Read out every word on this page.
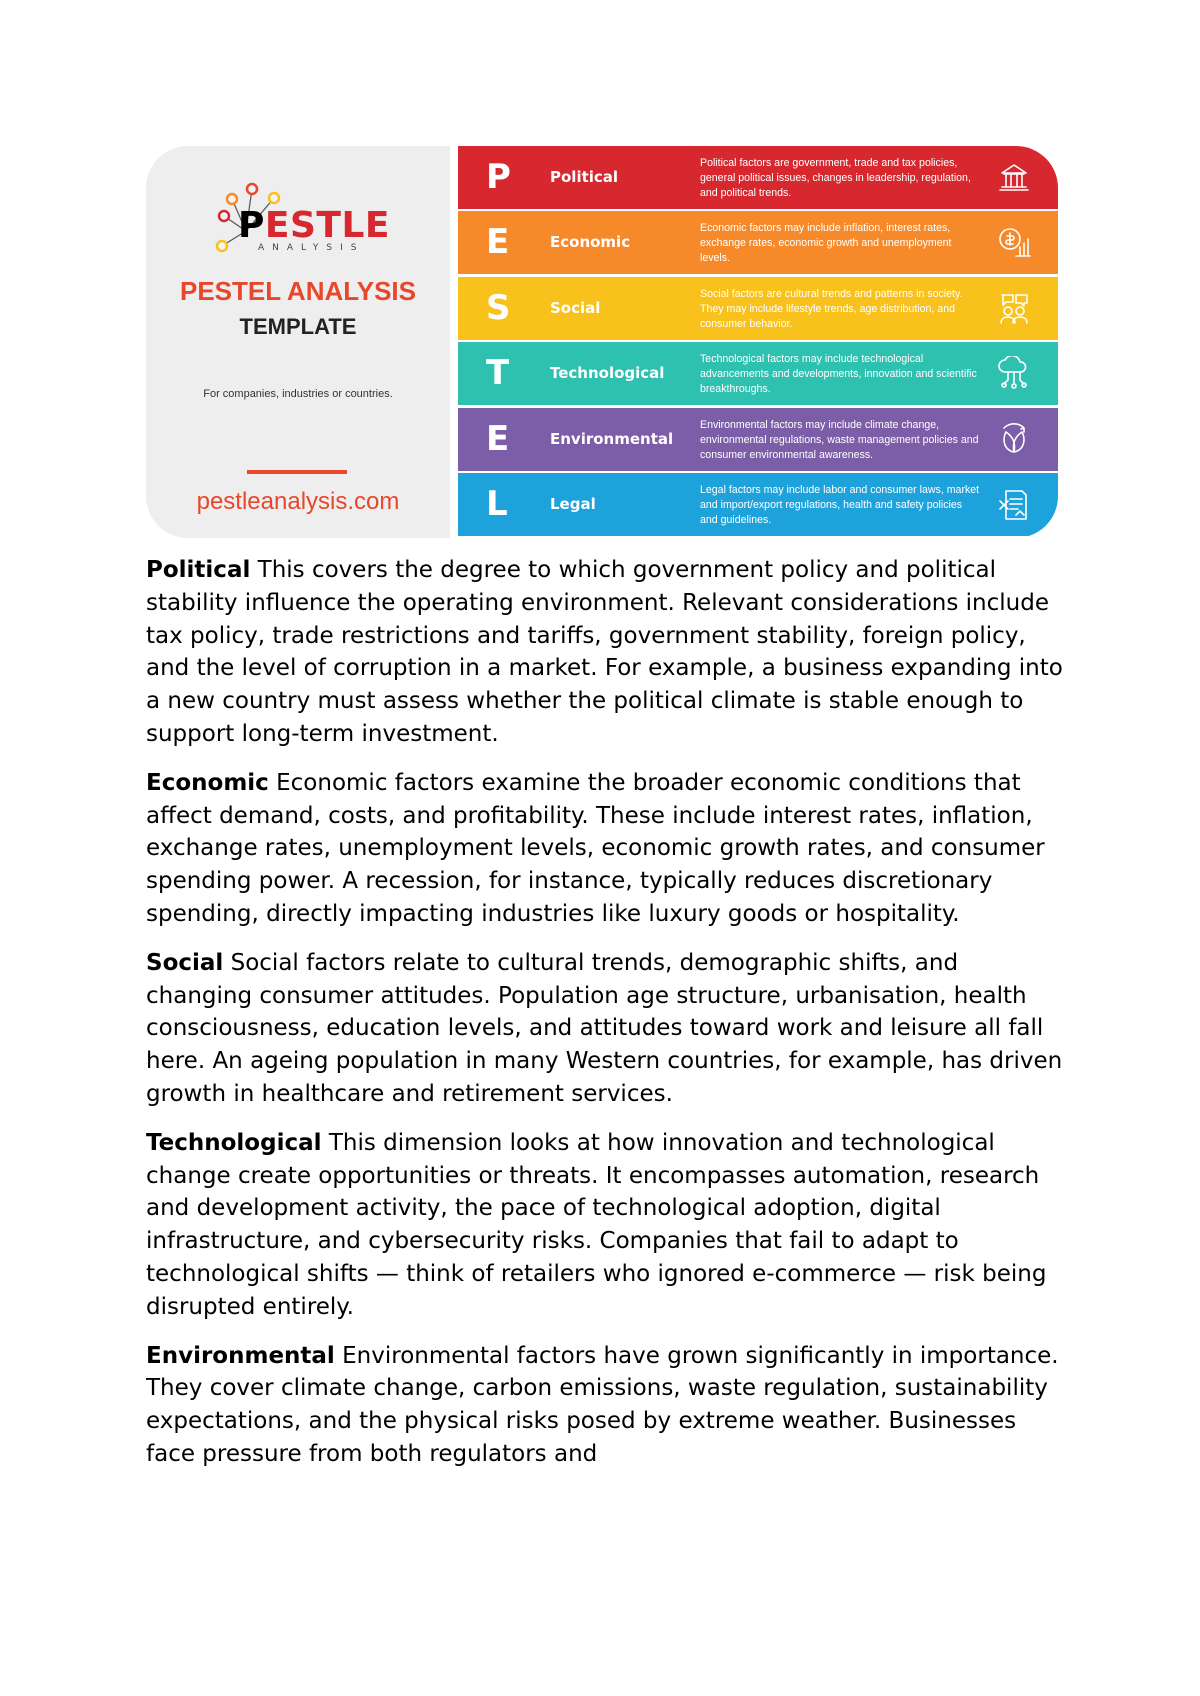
PESTLE
ANALYSIS
PESTEL ANALYSIS
TEMPLATE
For companies, industries or countries.
pestleanalysis.com
P	Political
Political factors are government, trade and tax policies, general political issues, changes in leadership, regulation, and political trends.
E	Economic
Economic factors may include inflation, interest rates, exchange rates, economic growth and unemployment levels.
S	Social
Social factors are cultural trends and patterns in society. They may include lifestyle trends, age distribution, and consumer behavior.
T	Technological
Technological factors may include technological advancements and developments, innovation and scientific breakthroughs.
E	Environmental
Environmental factors may include climate change, environmental regulations, waste management policies and consumer environmental awareness.
L	Legal
Legal factors may include labor and consumer laws, market and import/export regulations, health and safety policies and guidelines.

Political This covers the degree to which government policy and political stability influence the operating environment. Relevant considerations include tax policy, trade restrictions and tariffs, government stability, foreign policy, and the level of corruption in a market. For example, a business expanding into a new country must assess whether the political climate is stable enough to support long-term investment.

Economic Economic factors examine the broader economic conditions that affect demand, costs, and profitability. These include interest rates, inflation, exchange rates, unemployment levels, economic growth rates, and consumer spending power. A recession, for instance, typically reduces discretionary spending, directly impacting industries like luxury goods or hospitality.

Social Social factors relate to cultural trends, demographic shifts, and changing consumer attitudes. Population age structure, urbanisation, health consciousness, education levels, and attitudes toward work and leisure all fall here. An ageing population in many Western countries, for example, has driven growth in healthcare and retirement services.

Technological This dimension looks at how innovation and technological change create opportunities or threats. It encompasses automation, research and development activity, the pace of technological adoption, digital infrastructure, and cybersecurity risks. Companies that fail to adapt to technological shifts — think of retailers who ignored e-commerce — risk being disrupted entirely.

Environmental Environmental factors have grown significantly in importance. They cover climate change, carbon emissions, waste regulation, sustainability expectations, and the physical risks posed by extreme weather. Businesses face pressure from both regulators and
